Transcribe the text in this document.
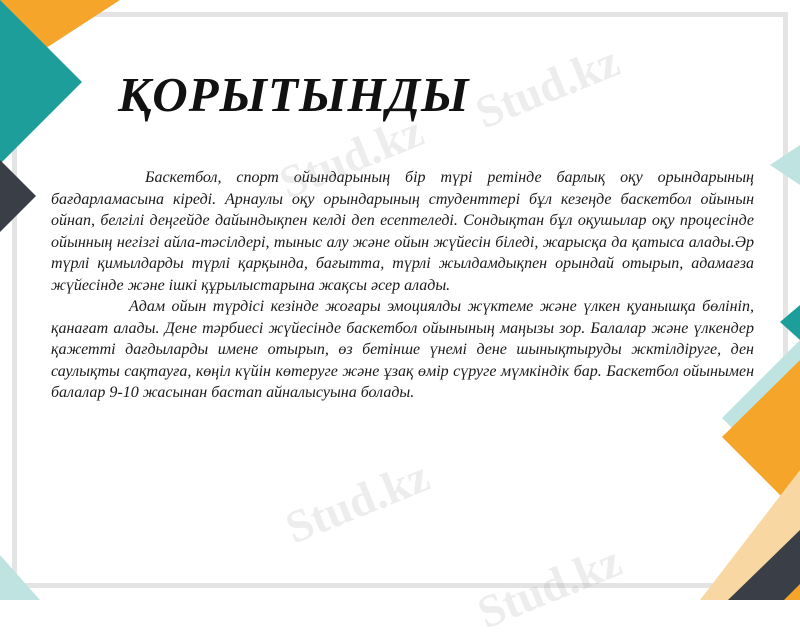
ҚОРЫТЫНДЫ

Баскетбол, спорт ойындарының бір түрі ретінде барлық оқу орындарының бағдарламасына кіреді. Арнаулы оқу орындарының студенттері бұл кезеңде баскетбол ойынын ойнап, белгілі деңгейде дайындықпен келді деп есептеледі. Сондықтан бұл оқушылар оқу процесінде ойынның негізгі айла-тәсілдері, тыныс алу және ойын жүйесін біледі, жарысқа да қатыса алады.Әр түрлі қимылдарды түрлі қарқында, бағытта, түрлі жылдамдықпен орындай отырып, адамағза жүйесінде және ішкі құрылыстарына жақсы әсер алады.

Адам ойын түрдісі кезінде жоғары эмоциялды жүктеме және үлкен қуанышқа бөлініп, қанағат алады. Дене тәрбиесі жүйесінде баскетбол ойынының маңызы зор. Балалар және үлкендер қажетті дағдыларды имене отырып, өз бетінше үнемі дене шынықтыруды жктілдіруге, ден саулықты сақтауға, көңіл күйін көтеруге және ұзақ өмір сүруге мүмкіндік бар. Баскетбол ойынымен балалар 9-10 жасынан бастап айналысуына болады.
